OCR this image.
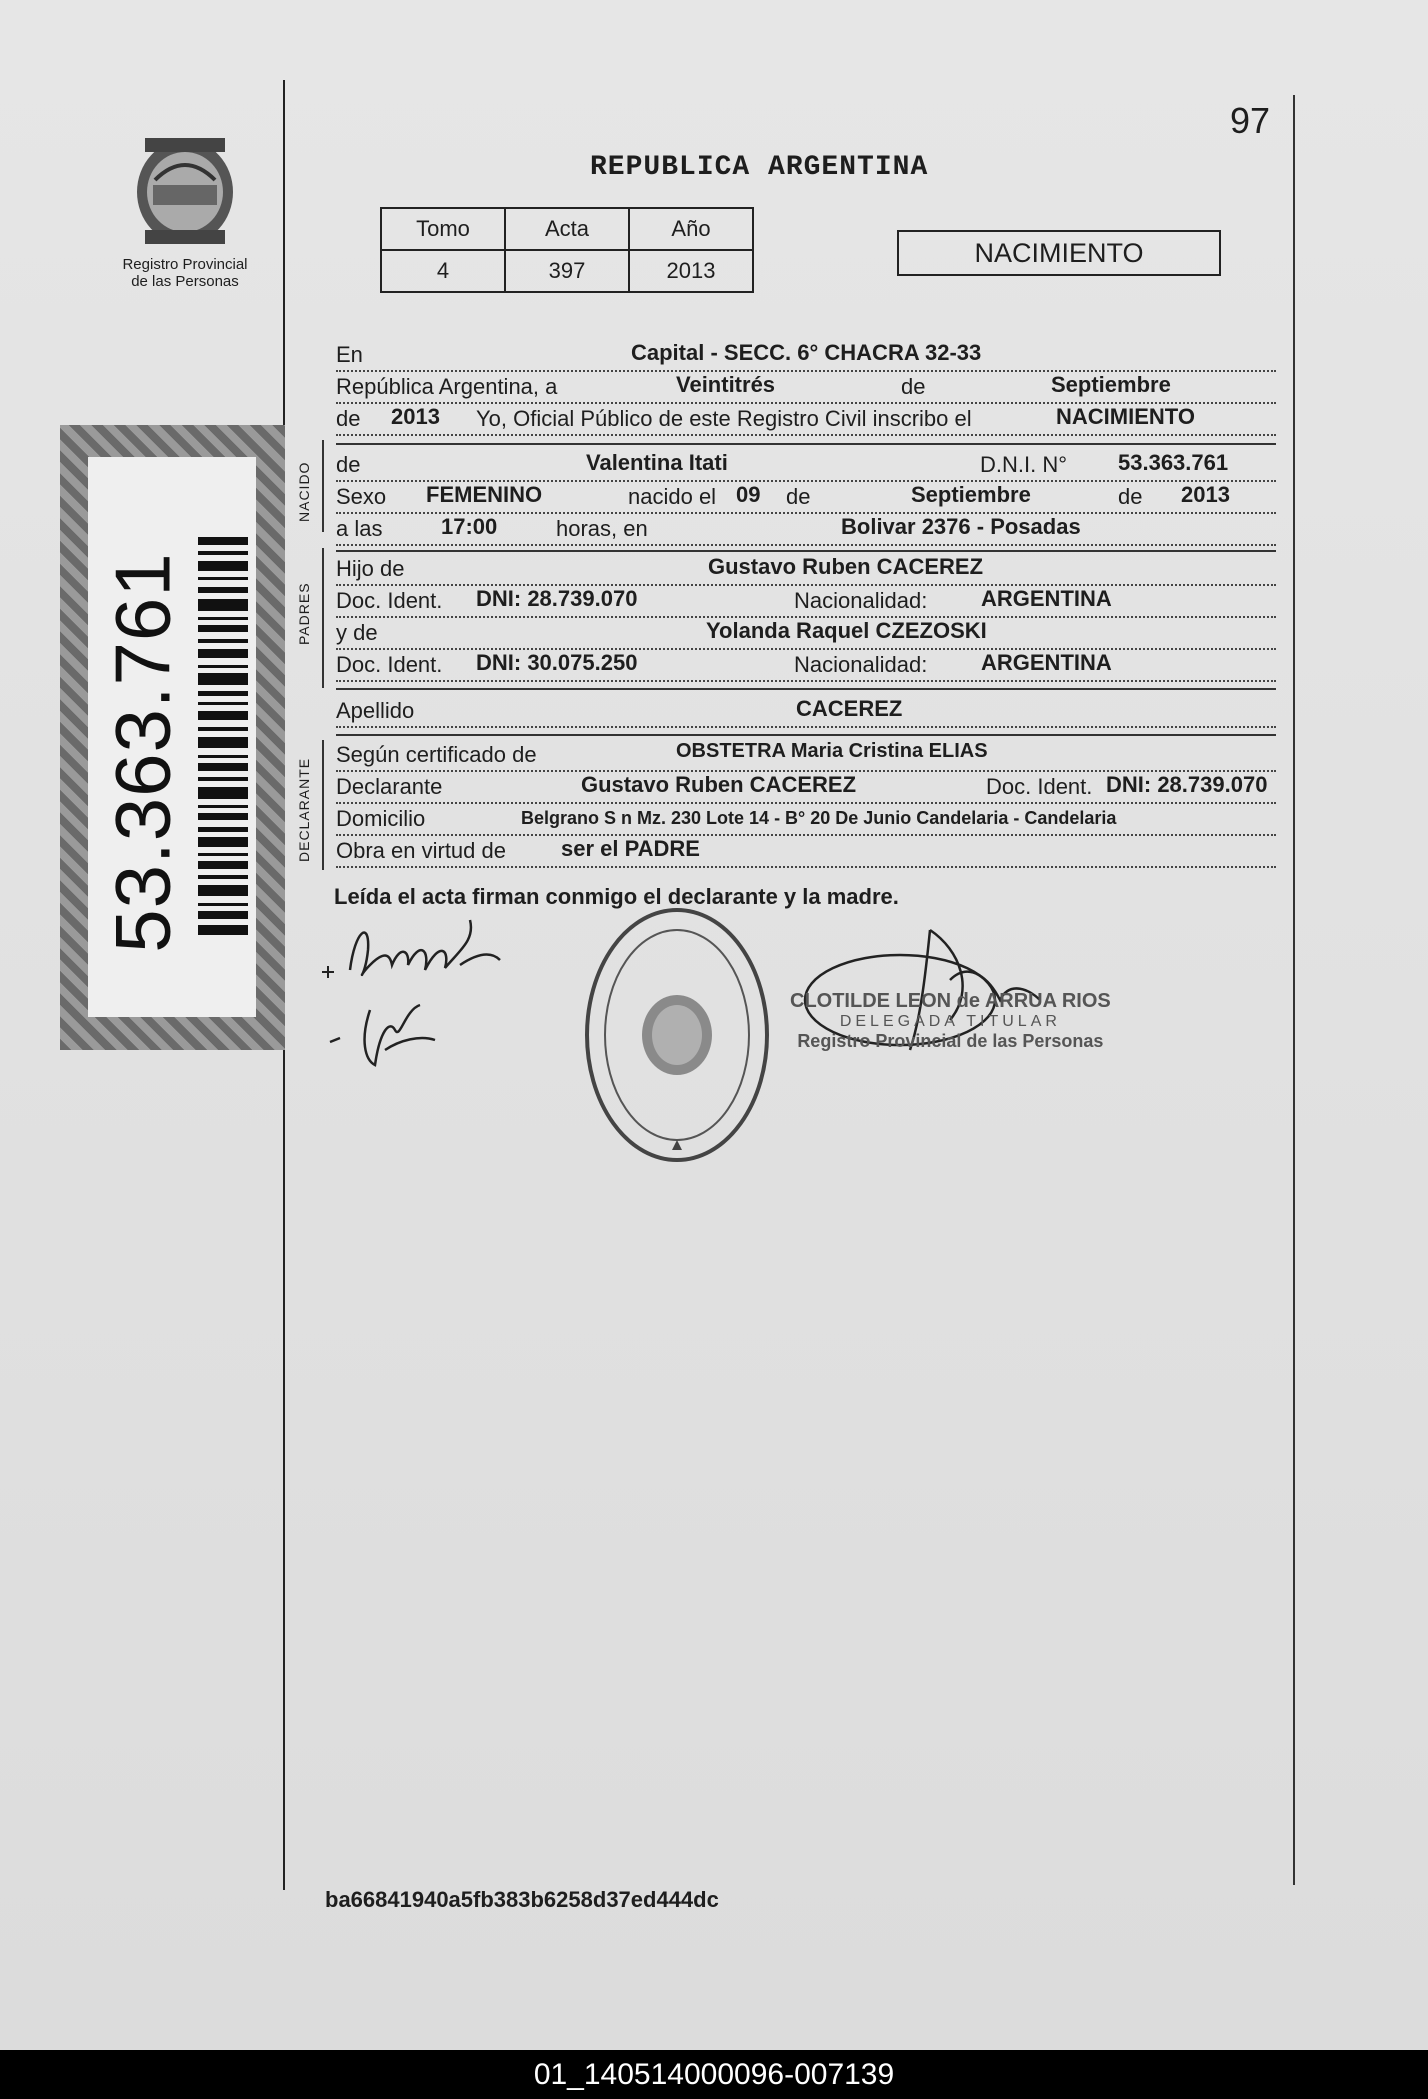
97
Registro Provincial
de las Personas
REPUBLICA ARGENTINA
Tomo	Acta	Año
4	397	2013
NACIMIENTO
53.363.761
NACIDO
PADRES
DECLARANTE
En	Capital - SECC. 6° CHACRA 32-33
República Argentina, a	Veintitrés	de	Septiembre
de 2013 Yo, Oficial Público de este Registro Civil inscribo el	NACIMIENTO
de	Valentina Itati	D.N.I. N° 53.363.761
Sexo FEMENINO	nacido el 09 de	Septiembre	de 2013
a las	17:00	horas, en	Bolivar 2376 - Posadas
Hijo de	Gustavo Ruben CACEREZ
Doc. Ident. DNI: 28.739.070	Nacionalidad: ARGENTINA
y de	Yolanda Raquel CZEZOSKI
Doc. Ident. DNI: 30.075.250	Nacionalidad: ARGENTINA
Apellido	CACEREZ
Según certificado de	OBSTETRA Maria Cristina ELIAS
Declarante	Gustavo Ruben CACEREZ	Doc. Ident. DNI: 28.739.070
Domicilio	Belgrano S n Mz. 230 Lote 14 - B° 20 De Junio Candelaria - Candelaria
Obra en virtud de	ser el PADRE
Leída el acta firman conmigo el declarante y la madre.
CLOTILDE LEON de ARRUA RIOS
DELEGADA TITULAR
Registro Provincial de las Personas
ba66841940a5fb383b6258d37ed444dc
01_140514000096-007139
